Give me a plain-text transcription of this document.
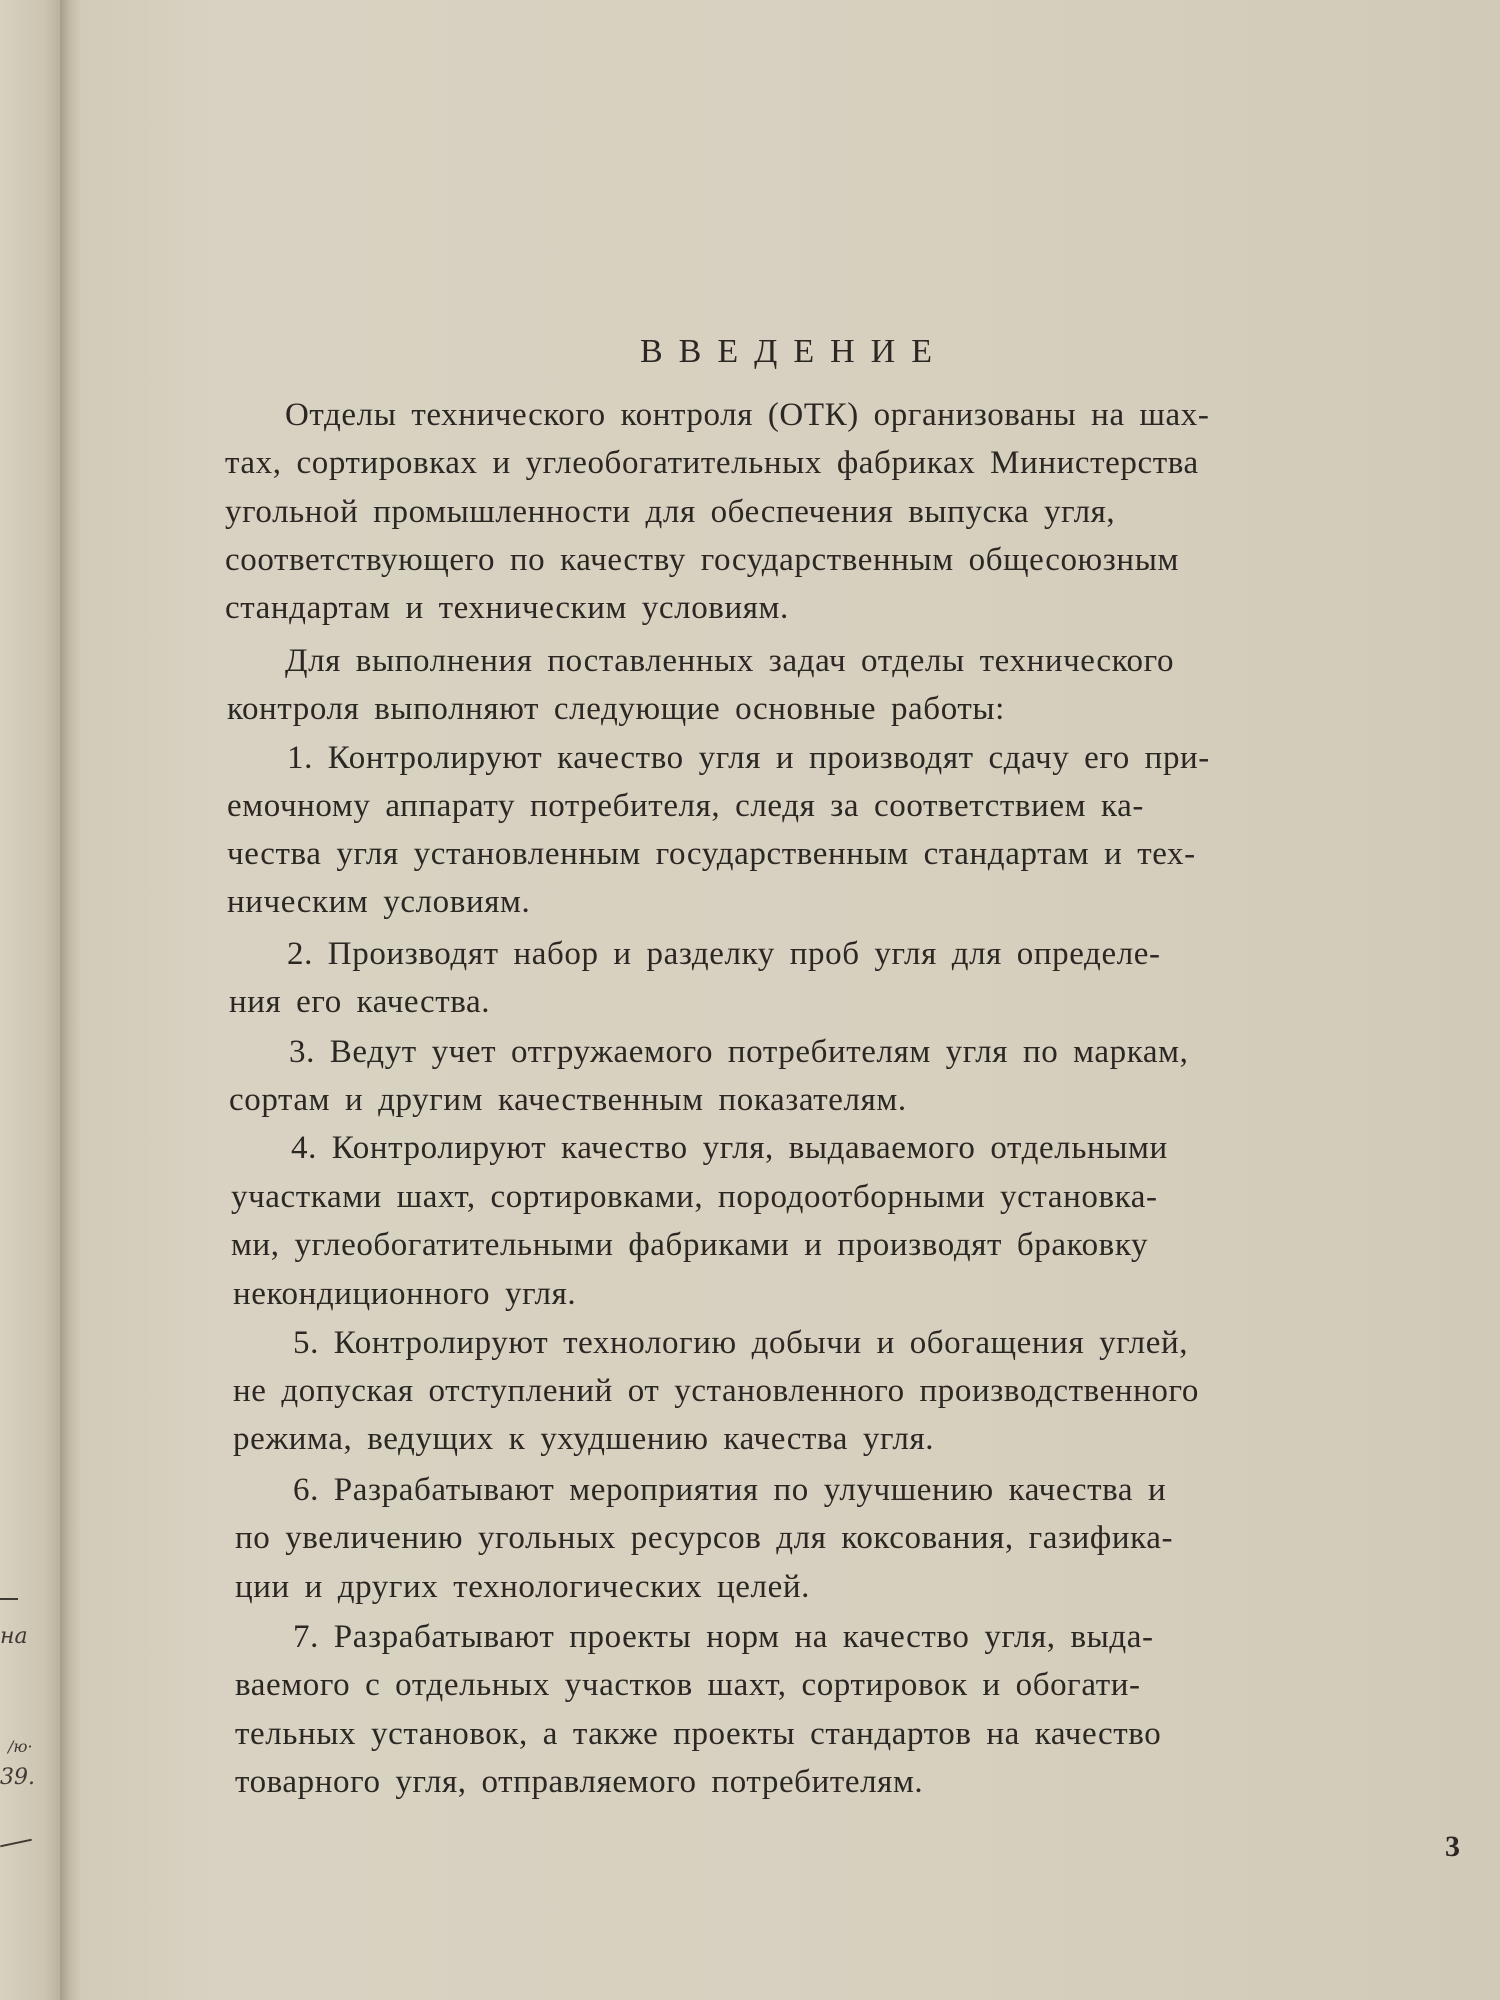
на
/ю·
39.
ВВЕДЕНИЕ
Отделы технического контроля (ОТК) организованы на шах-
тах, сортировках и углеобогатительных фабриках Министерства
угольной промышленности для обеспечения выпуска угля,
соответствующего по качеству государственным общесоюзным
стандартам и техническим условиям.
Для выполнения поставленных задач отделы технического
контроля выполняют следующие основные работы:
1. Контролируют качество угля и производят сдачу его при-
емочному аппарату потребителя, следя за соответствием ка-
чества угля установленным государственным стандартам и тех-
ническим условиям.
2. Производят набор и разделку проб угля для определе-
ния его качества.
3. Ведут учет отгружаемого потребителям угля по маркам,
сортам и другим качественным показателям.
4. Контролируют качество угля, выдаваемого отдельными
участками шахт, сортировками, породоотборными установка-
ми, углеобогатительными фабриками и производят браковку
некондиционного угля.
5. Контролируют технологию добычи и обогащения углей,
не допуская отступлений от установленного производственного
режима, ведущих к ухудшению качества угля.
6. Разрабатывают мероприятия по улучшению качества и
по увеличению угольных ресурсов для коксования, газифика-
ции и других технологических целей.
7. Разрабатывают проекты норм на качество угля, выда-
ваемого с отдельных участков шахт, сортировок и обогати-
тельных установок, а также проекты стандартов на качество
товарного угля, отправляемого потребителям.
3
